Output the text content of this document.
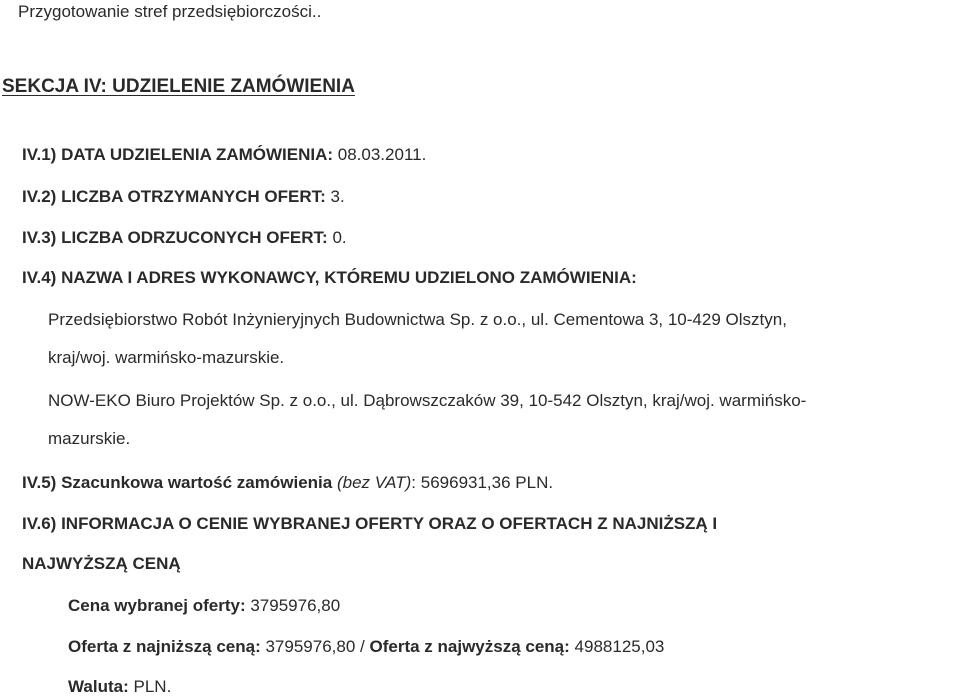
Przygotowanie stref przedsiębiorczości..
SEKCJA IV: UDZIELENIE ZAMÓWIENIA
IV.1) DATA UDZIELENIA ZAMÓWIENIA: 08.03.2011.
IV.2) LICZBA OTRZYMANYCH OFERT: 3.
IV.3) LICZBA ODRZUCONYCH OFERT: 0.
IV.4) NAZWA I ADRES WYKONAWCY, KTÓREMU UDZIELONO ZAMÓWIENIA:
Przedsiębiorstwo Robót Inżynieryjnych Budownictwa Sp. z o.o., ul. Cementowa 3, 10-429 Olsztyn,
kraj/woj. warmińsko-mazurskie.
NOW-EKO Biuro Projektów Sp. z o.o., ul. Dąbrowszczaków 39, 10-542 Olsztyn, kraj/woj. warmińsko-
mazurskie.
IV.5) Szacunkowa wartość zamówienia (bez VAT): 5696931,36 PLN.
IV.6) INFORMACJA O CENIE WYBRANEJ OFERTY ORAZ O OFERTACH Z NAJNIŻSZĄ I
NAJWYŻSZĄ CENĄ
Cena wybranej oferty: 3795976,80
Oferta z najniższą ceną: 3795976,80 / Oferta z najwyższą ceną: 4988125,03
Waluta: PLN.
